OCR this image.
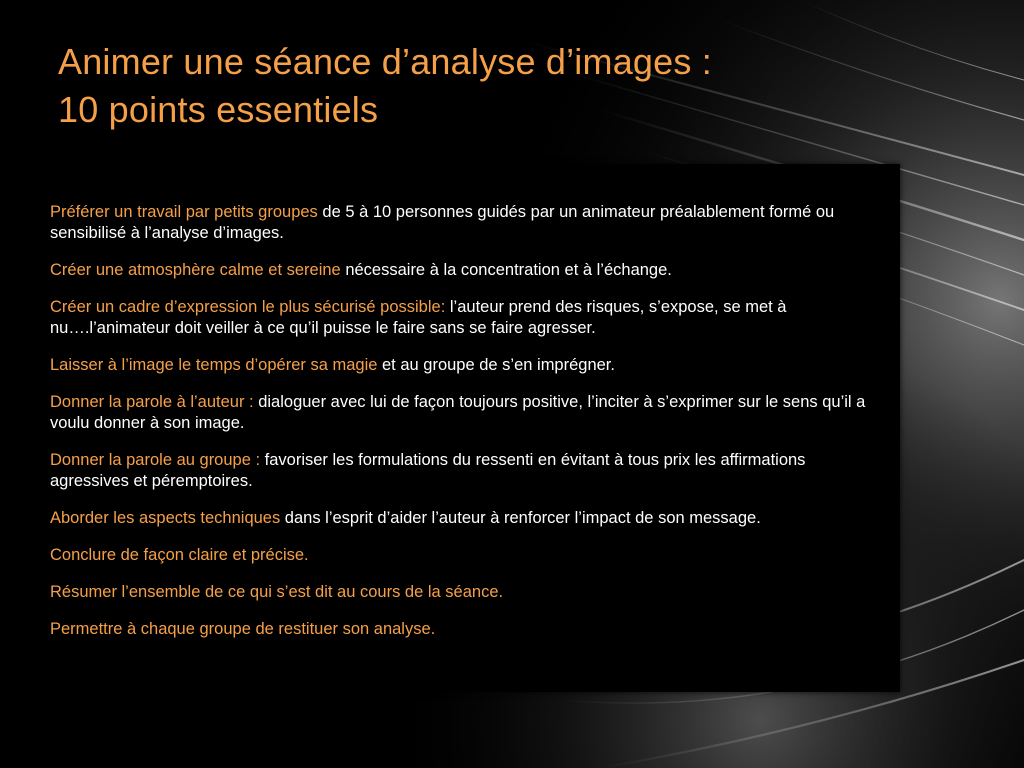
Animer une séance d’analyse d’images :
10 points essentiels
Préférer un travail par petits groupes de 5 à 10 personnes guidés par un animateur préalablement formé ou sensibilisé à l’analyse d’images.
Créer une atmosphère calme et sereine nécessaire à la concentration et à l’échange.
Créer un cadre d’expression le plus sécurisé possible: l’auteur prend des risques, s’expose, se met à nu….l’animateur doit veiller à ce qu’il puisse le faire sans se faire agresser.
Laisser à l’image le temps d’opérer sa magie et au groupe de s’en imprégner.
Donner la parole à l’auteur : dialoguer avec lui de façon toujours positive, l’inciter à s’exprimer sur le sens qu’il a voulu donner à son image.
Donner la parole au groupe : favoriser les formulations du ressenti en évitant à tous prix les affirmations agressives et péremptoires.
Aborder les aspects techniques dans l’esprit d’aider l’auteur à renforcer l’impact de son message.
Conclure de façon claire et précise.
Résumer l’ensemble de ce qui s’est dit au cours de la séance.
Permettre à chaque groupe de restituer son analyse.
